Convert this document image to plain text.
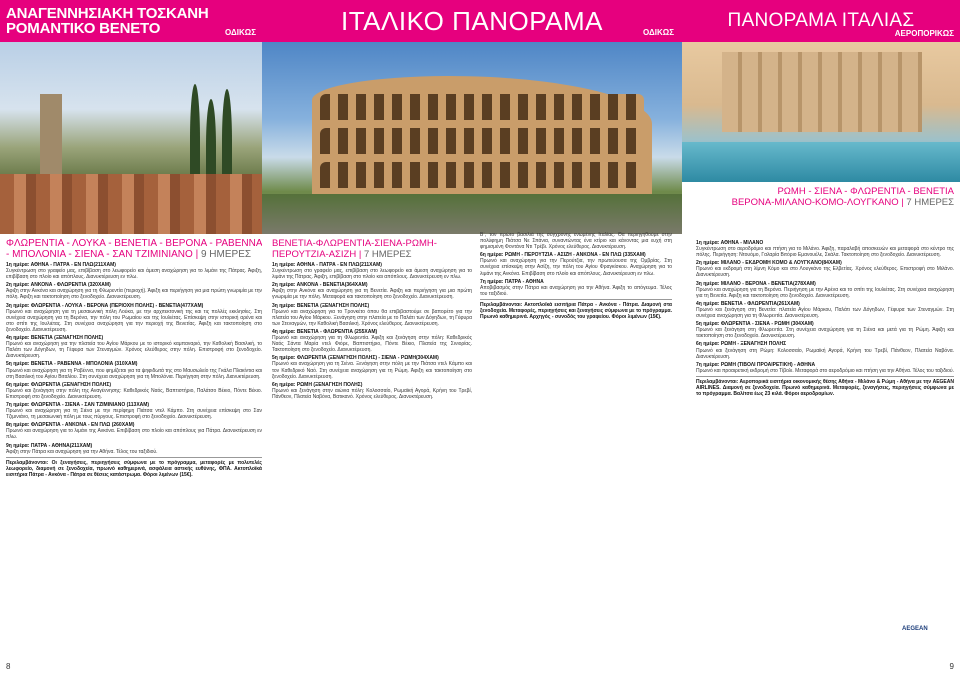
ΑΝΑΓΕΝΝΗΣΙΑΚΗ ΤΟΣΚΑΝΗ
ΡΟΜΑΝΤΙΚΟ ΒΕΝΕΤΟ	ΟΔΙΚΩΣ	ΙΤΑΛΙΚΟ ΠΑΝΟΡΑΜΑ	ΟΔΙΚΩΣ
ΠΑΝΟΡΑΜΑ ΙΤΑΛΙΑΣ
ΑΕΡΟΠΟΡΙΚΩΣ

ΦΛΩΡΕΝΤΙΑ - ΛΟΥΚΑ - ΒΕΝΕΤΙΑ - ΒΕΡΟΝΑ - ΡΑΒΕΝΝΑ - ΜΠΟΛΟΝΙΑ - ΣΙΕΝΑ - ΣΑΝ ΤΖΙΜΙΝΙΑΝΟ | 9 ΗΜΕΡΕΣ

1η ημέρα: ΑΘΗΝΑ - ΠΑΤΡΑ - ΕΝ ΠΛΩ(211XAM)
Συγκέντρωση στο γραφείο μας, επιβίβαση στο λεωφορείο και άμεση αναχώρηση για το λιμάνι της Πάτρας. Άφιξη, επιβίβαση στο πλοίο και απόπλους. Διανυκτέρευση εν πλω.

2η ημέρα: ΑΝΚΟΝΑ - ΦΛΩΡΕΝΤΙΑ (320XAM)
Άφιξη στην Ανκόνα και αναχώρηση για τη Φλωρεντία (περιοχή). Άφιξη και περιήγηση για μια πρώτη γνωριμία με την πόλη. Άφιξη και τακτοποίηση στο ξενοδοχείο. Διανυκτέρευση.

3η ημέρα: ΦΛΩΡΕΝΤΙΑ - ΛΟΥΚΑ - ΒΕΡΟΝΑ (ΠΕΡΙΟΧΗ ΠΟΛΗΣ) - ΒΕΝΕΤΙΑ(477XAM)
Πρωινό και αναχώρηση για τη μεσαιωνική πόλη Λούκα, με την αρχιτεκτονική της και τις πολλές εκκλησίες. Στη συνέχεια αναχώρηση για τη Βερόνα, την πόλη του Ρωμαίου και της Ιουλιέτας. Επίσκεψη στην ιστορική αρένα και στο σπίτι της Ιουλιέτας. Στη συνέχεια αναχώρηση για την περιοχή της Βενετίας. Άφιξη και τακτοποίηση στο ξενοδοχείο. Διανυκτέρευση.

4η ημέρα: ΒΕΝΕΤΙΑ (ΞΕΝΑΓΗΣΗ ΠΟΛΗΣ)
Πρωινό και αναχώρηση για την πλατεία του Αγίου Μάρκου με το ιστορικό καμπαναριό, την Καθολική Βασιλική, το Παλάτι των Δόγηδων, τη Γέφυρα των Στεναγμών. Χρόνος ελεύθερος στην πόλη. Επιστροφή στο ξενοδοχείο. Διανυκτέρευση.

5η ημέρα: ΒΕΝΕΤΙΑ - ΡΑΒΕΝΝΑ - ΜΠΟΛΟΝΙΑ (310XAM)
Πρωινό και αναχώρηση για τη Ραβέννα, που φημίζεται για τα ψηφιδωτά της στο Μαυσωλείο της Γκάλα Πλακίντια και στη Βασιλική του Αγίου Βιταλίου. Στη συνέχεια αναχώρηση για τη Μπολόνια. Περιήγηση στην πόλη. Διανυκτέρευση.

6η ημέρα: ΦΛΩΡΕΝΤΙΑ (ΞΕΝΑΓΗΣΗ ΠΟΛΗΣ)
Πρωινό και ξενάγηση στην πόλη της Αναγέννησης: Καθεδρικός Ναός, Βαπτιστήριο, Παλάτσο Βέκιο, Πόντε Βέκιο. Επιστροφή στο ξενοδοχείο. Διανυκτέρευση.

7η ημέρα: ΦΛΩΡΕΝΤΙΑ - ΣΙΕΝΑ - ΣΑΝ ΤΖΙΜΙΝΙΑΝΟ (113XAM)
Πρωινό και αναχώρηση για τη Σιένα με την περίφημη Πιάτσα ντελ Κάμπο. Στη συνέχεια επίσκεψη στο Σαν Τζιμινιάνο, τη μεσαιωνική πόλη με τους πύργους. Επιστροφή στο ξενοδοχείο. Διανυκτέρευση.

8η ημέρα: ΦΛΩΡΕΝΤΙΑ - ΑΝΚΟΝΑ - ΕΝ ΠΛΩ (260XAM)
Πρωινό και αναχώρηση για το λιμάνι της Ανκόνα. Επιβίβαση στο πλοίο και απόπλους για Πάτρα. Διανυκτέρευση εν πλω.

9η ημέρα: ΠΑΤΡΑ - ΑΘΗΝΑ(211XAM)
Άφιξη στην Πάτρα και αναχώρηση για την Αθήνα. Τέλος του ταξιδιού.

Περιλαμβάνονται: Οι ξεναγήσεις, περιηγήσεις σύμφωνα με το πρόγραμμα, μεταφορές με πολυτελές λεωφορείο, διαμονή σε ξενοδοχεία, πρωινό καθημερινά, ασφάλεια αστικής ευθύνης, ΦΠΑ. Ακτοπλοϊκά εισιτήρια Πάτρα - Ανκόνα - Πάτρα σε θέσεις κατάστρωμα. Φόροι λιμένων (15€).

ΒΕΝΕΤΙΑ-ΦΛΩΡΕΝΤΙΑ-ΣΙΕΝΑ-ΡΩΜΗ-ΠΕΡΟΥΤΖΙΑ-ΑΣΙΖΗ | 7 ΗΜΕΡΕΣ

1η ημέρα: ΑΘΗΝΑ - ΠΑΤΡΑ - ΕΝ ΠΛΩ(211XAM)
Συγκέντρωση στο γραφείο μας, επιβίβαση στο λεωφορείο και άμεση αναχώρηση για το λιμάνι της Πάτρας. Άφιξη, επιβίβαση στο πλοίο και απόπλους. Διανυκτέρευση εν πλω.

2η ημέρα: ΑΝΚΟΝΑ - ΒΕΝΕΤΙΑ(364XAM)
Άφιξη στην Ανκόνα και αναχώρηση για τη Βενετία. Άφιξη και περιήγηση για μια πρώτη γνωριμία με την πόλη. Μεταφορά και τακτοποίηση στο ξενοδοχείο. Διανυκτέρευση.

3η ημέρα: ΒΕΝΕΤΙΑ (ΞΕΝΑΓΗΣΗ ΠΟΛΗΣ)
Πρωινό και αναχώρηση για το Τρονκέτο όπου θα επιβιβαστούμε σε βαπορέτο για την πλατεία του Αγίου Μάρκου. Ξενάγηση στην πλατεία με το Παλάτι των Δόγηδων, τη Γέφυρα των Στεναγμών, την Καθολική Βασιλική. Χρόνος ελεύθερος. Διανυκτέρευση.

4η ημέρα: ΒΕΝΕΤΙΑ - ΦΛΩΡΕΝΤΙΑ (255XAM)
Πρωινό και αναχώρηση για τη Φλωρεντία. Άφιξη και ξενάγηση στην πόλη: Καθεδρικός Ναός Σάντα Μαρία ντελ Φιόρε, Βαπτιστήριο, Πόντε Βέκιο, Πλατεία της Σινιορίας. Τακτοποίηση στο ξενοδοχείο. Διανυκτέρευση.

5η ημέρα: ΦΛΩΡΕΝΤΙΑ (ΞΕΝΑΓΗΣΗ ΠΟΛΗΣ) - ΣΙΕΝΑ - ΡΩΜΗ(304XAM)
Πρωινό και αναχώρηση για τη Σιένα. Ξενάγηση στην πόλη με την Πιάτσα ντελ Κάμπο και τον Καθεδρικό Ναό. Στη συνέχεια αναχώρηση για τη Ρώμη. Άφιξη και τακτοποίηση στο ξενοδοχείο. Διανυκτέρευση.

6η ημέρα: ΡΩΜΗ (ΞΕΝΑΓΗΣΗ ΠΟΛΗΣ)
Πρωινό και ξενάγηση στην αιώνια πόλη: Κολοσσαίο, Ρωμαϊκή Αγορά, Κρήνη του Τρεβί, Πάνθεον, Πλατεία Ναβόνα, Βατικανό. Χρόνος ελεύθερος. Διανυκτέρευση.

Β΄, τον πρώτο βασιλιά της σύγχρονης ενωμένης Ιταλίας. Θα περιηγηθούμε στην πολύφημη Πιάτσα Νε Σπάνια, συναντώντας ένα κτίριο και κάνοντας μια ευχή στη φημισμένη Φοντάνα Ντι Τρέβι. Χρόνος ελεύθερος. Διανυκτέρευση.

6η ημέρα: ΡΩΜΗ - ΠΕΡΟΥΤΖΙΑ - ΑΣΙΖΗ - ΑΝΚΟΝΑ - ΕΝ ΠΛΩ (335XAM)
Πρωινό και αναχώρηση για την Περούτζια, την πρωτεύουσα της Ομβρίας. Στη συνέχεια επίσκεψη στην Ασίζη, την πόλη του Αγίου Φραγκίσκου. Αναχώρηση για το λιμάνι της Ανκόνα. Επιβίβαση στο πλοίο και απόπλους. Διανυκτέρευση εν πλω.

7η ημέρα: ΠΑΤΡΑ - ΑΘΗΝΑ
Αποβιβασμός στην Πάτρα και αναχώρηση για την Αθήνα. Άφιξη το απόγευμα. Τέλος του ταξιδιού.

Περιλαμβάνονται: Ακτοπλοϊκά εισιτήρια Πάτρα - Ανκόνα - Πάτρα. Διαμονή στα ξενοδοχεία. Μεταφορές, περιηγήσεις και ξεναγήσεις σύμφωνα με το πρόγραμμα. Πρωινό καθημερινά. Αρχηγός - συνοδός του γραφείου. Φόροι λιμένων (15€).

ΡΩΜΗ - ΣΙΕΝΑ - ΦΛΩΡΕΝΤΙΑ - ΒΕΝΕΤΙΑ
ΒΕΡΟΝΑ-ΜΙΛΑΝΟ-ΚΟΜΟ-ΛΟΥΓΚΑΝΟ | 7 ΗΜΕΡΕΣ

1η ημέρα: ΑΘΗΝΑ - ΜΙΛΑΝΟ
Συγκέντρωση στο αεροδρόμιο και πτήση για το Μιλάνο. Άφιξη, παραλαβή αποσκευών και μεταφορά στο κέντρο της πόλης. Περιήγηση: Ντουόμο, Γαλαρία Βιτόριο Εμανουέλε, Σκάλα. Τακτοποίηση στο ξενοδοχείο. Διανυκτέρευση.

2η ημέρα: ΜΙΛΑΝΟ - ΕΚΔΡΟΜΗ ΚΟΜΟ & ΛΟΥΓΚΑΝΟ(84XAM)
Πρωινό και εκδρομή στη λίμνη Κόμο και στο Λουγκάνο της Ελβετίας. Χρόνος ελεύθερος. Επιστροφή στο Μιλάνο. Διανυκτέρευση.

3η ημέρα: ΜΙΛΑΝΟ - ΒΕΡΟΝΑ - ΒΕΝΕΤΙΑ(278XAM)
Πρωινό και αναχώρηση για τη Βερόνα. Περιήγηση με την Αρένα και το σπίτι της Ιουλιέτας. Στη συνέχεια αναχώρηση για τη Βενετία. Άφιξη και τακτοποίηση στο ξενοδοχείο. Διανυκτέρευση.

4η ημέρα: ΒΕΝΕΤΙΑ - ΦΛΩΡΕΝΤΙΑ(261XAM)
Πρωινό και ξενάγηση στη Βενετία: πλατεία Αγίου Μάρκου, Παλάτι των Δόγηδων, Γέφυρα των Στεναγμών. Στη συνέχεια αναχώρηση για τη Φλωρεντία. Διανυκτέρευση.

5η ημέρα: ΦΛΩΡΕΝΤΙΑ - ΣΙΕΝΑ - ΡΩΜΗ (304XAM)
Πρωινό και ξενάγηση στη Φλωρεντία. Στη συνέχεια αναχώρηση για τη Σιένα και μετά για τη Ρώμη. Άφιξη και τακτοποίηση στο ξενοδοχείο. Διανυκτέρευση.

6η ημέρα: ΡΩΜΗ - ΞΕΝΑΓΗΣΗ ΠΟΛΗΣ
Πρωινό και ξενάγηση στη Ρώμη: Κολοσσαίο, Ρωμαϊκή Αγορά, Κρήνη του Τρεβί, Πάνθεον, Πλατεία Ναβόνα. Διανυκτέρευση.

7η ημέρα: ΡΩΜΗ (ΤΙΒΟΛΙ ΠΡΟΑΙΡΕΤΙΚΗ) - ΑΘΗΝΑ
Πρωινό και προαιρετική εκδρομή στο Τίβολι. Μεταφορά στο αεροδρόμιο και πτήση για την Αθήνα. Τέλος του ταξιδιού.

Περιλαμβάνονται: Αεροπορικά εισιτήρια οικονομικής θέσης Αθήνα - Μιλάνο & Ρώμη - Αθήνα με την AEGEAN AIRLINES. Διαμονή σε ξενοδοχεία. Πρωινό καθημερινά. Μεταφορές, ξεναγήσεις, περιηγήσεις σύμφωνα με το πρόγραμμα. Βαλίτσα έως 23 κιλά. Φόροι αεροδρομίων.

AEGEAN
8	9
